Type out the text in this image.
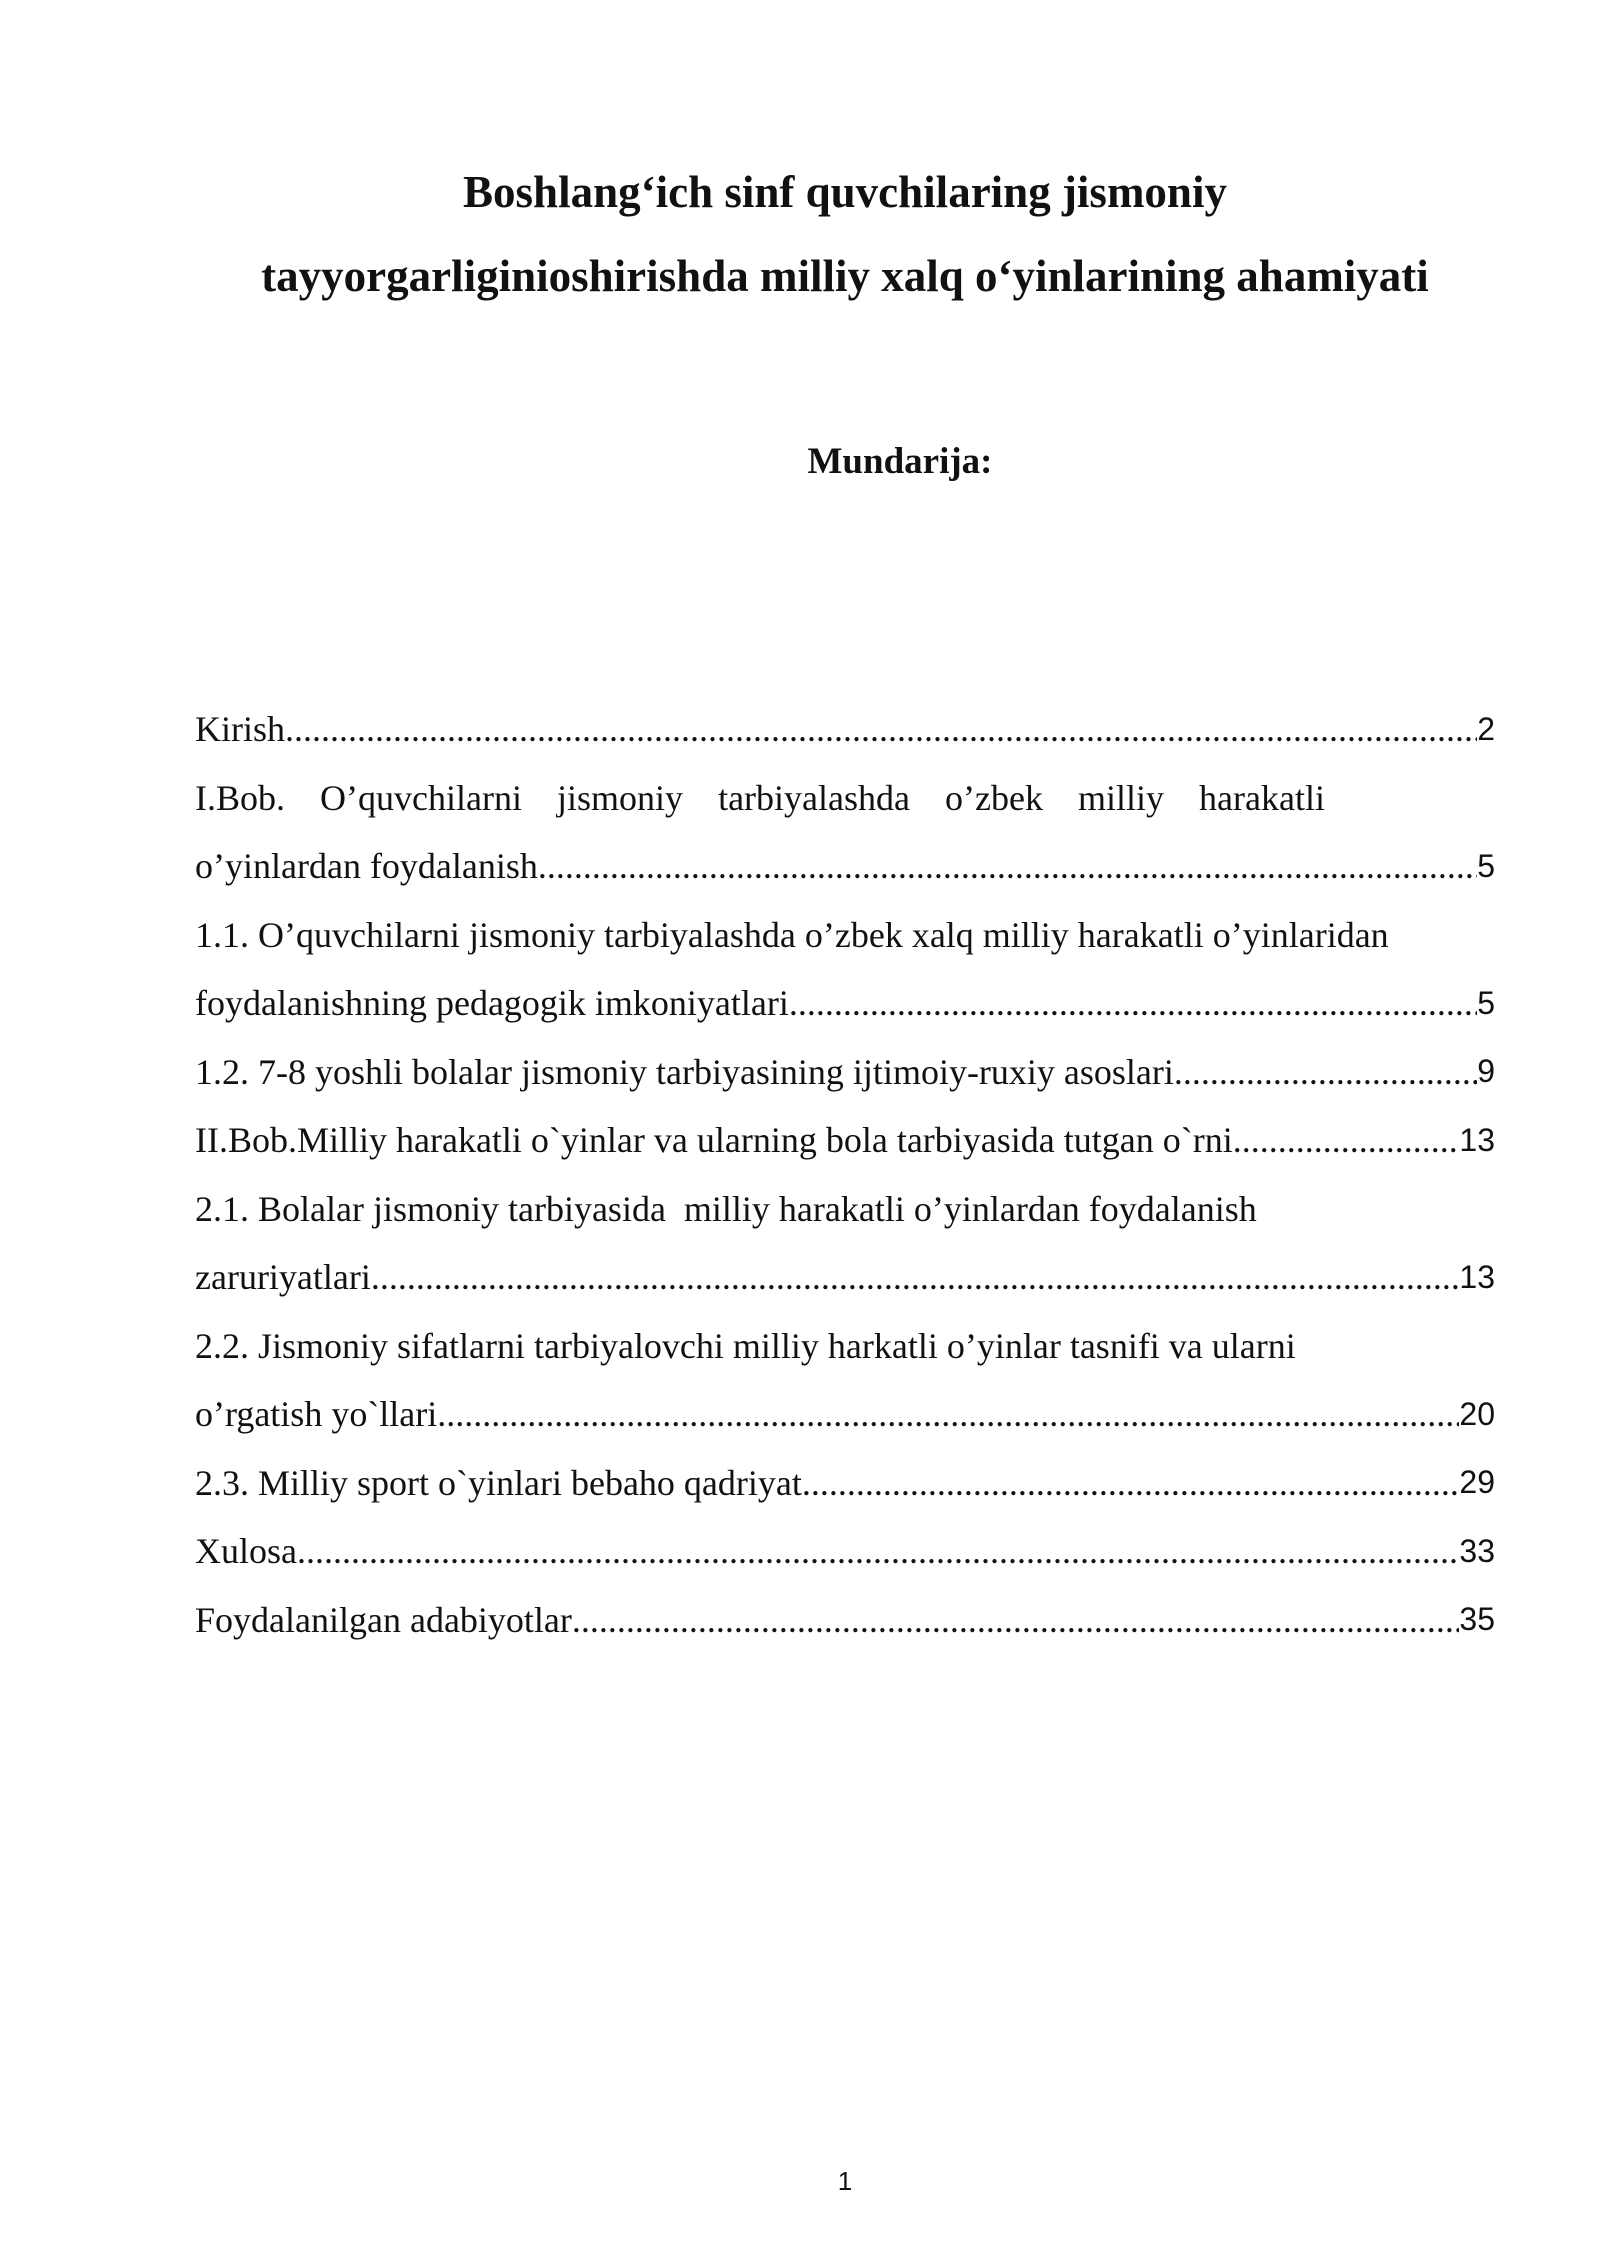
Boshlang‘ich sinf quvchilaring jismoniy
tayyorgarliginioshirishda milliy xalq o‘yinlarining ahamiyati
Mundarija:
Kirish .....	2
I.Bob. O’quvchilarni jismoniy tarbiyalashda o’zbek milliy harakatli
o’yinlardan foydalanish .....	5
1.1. O’quvchilarni jismoniy tarbiyalashda o’zbek xalq milliy harakatli o’yinlaridan
foydalanishning pedagogik imkoniyatlari .....	5
1.2. 7-8 yoshli bolalar jismoniy tarbiyasining ijtimoiy-ruxiy asoslari .....	9
II.Bob.Milliy harakatli o`yinlar va ularning bola tarbiyasida tutgan o`rni .....	13
2.1. Bolalar jismoniy tarbiyasida  milliy harakatli o’yinlardan foydalanish
zaruriyatlari .....	13
2.2. Jismoniy sifatlarni tarbiyalovchi milliy harkatli o’yinlar tasnifi va ularni
o’rgatish yo`llari .....	20
2.3. Milliy sport o`yinlari bebaho qadriyat .....	29
Xulosa .....	33
Foydalanilgan adabiyotlar .....	35
1
